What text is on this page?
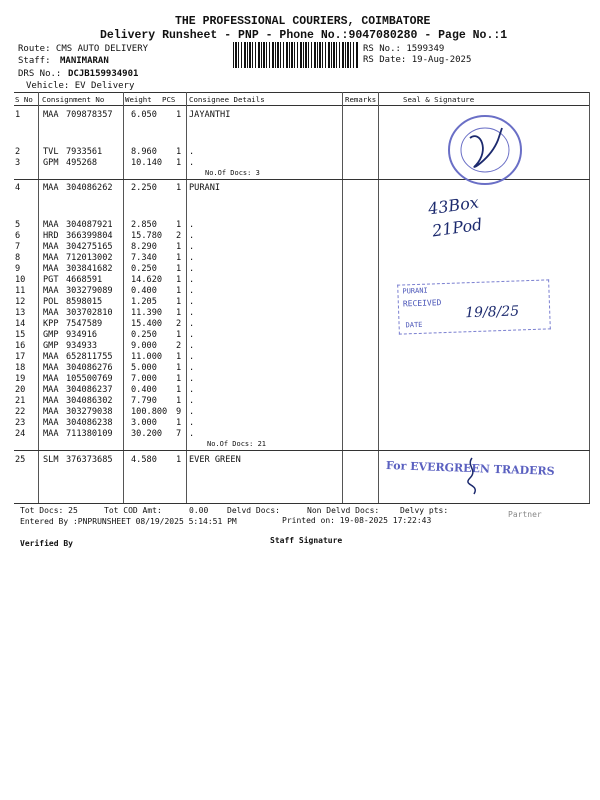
THE PROFESSIONAL COURIERS, COIMBATORE
Delivery Runsheet - PNP - Phone No.:9047080280 - Page No.:1
Route: CMS AUTO DELIVERY
Staff: MANIMARAN
DRS No.: DCJB159934901
Vehicle: EV Delivery
RS No.: 1599349
RS Date: 19-Aug-2025
S No Consignment No	Weight PCS Consignee Details	Remarks	Seal & Signature
1	MAA 709878357 6.050 1 JAYANTHI
2	TVL 7933561	8.960 1 .
3	GPM 495268	10.140 1 .
No.Of Docs: 3
4	MAA 304086262 2.250 1 PURANI
5	MAA 304087921 2.850 1 .
6	HRD 366399804 15.780 2 .
7	MAA 304275165 8.290 1 .
8	MAA 712013002 7.340 1 .
9	MAA 303841682 0.250 1 .
10 PGT 4668591	14.620 1 .
11 MAA 303279089 0.400 1 .
12 POL 8598015	1.205 1 .
13 MAA 303702810 11.390 1 .
14 KPP 7547589	15.400 2 .
15 GMP 934916	0.250 1 .
16 GMP 934933	9.000 2 .
17 MAA 652811755 11.000 1 .
18 MAA 304086276 5.000 1 .
19 MAA 105500769 7.000 1 .
20 MAA 304086237 0.400 1 .
21 MAA 304086302 7.790 1 .
22 MAA 303279038 100.800 9 .
23 MAA 304086238 3.000 1 .
24 MAA 711380109 30.200 7 .
No.Of Docs: 21
25 SLM 376373685 4.580 1 EVER GREEN
Tot Docs: 25	Tot COD Amt:	0.00 Delvd Docs:	Non Delvd Docs:	Delvy pts:
Entered By :PNPRUNSHEET 08/19/2025 5:14:51 PM	Printed on: 19-08-2025 17:22:43
Partner
Verified By	Staff Signature
43Box
21Pod
PURANI
RECEIVED
DATE
19/8/25
For EVERGREEN TRADERS
